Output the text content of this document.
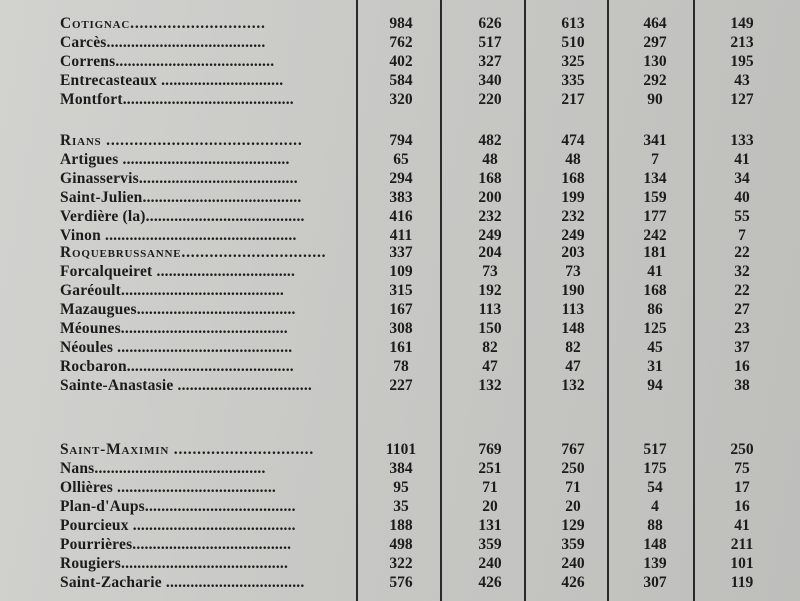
Cotignac.............................	984	626	613	464	149
Carcès.......................................	762	517	510	297	213
Correns.......................................	402	327	325	130	195
Entrecasteaux ..............................	584	340	335	292	43
Montfort..........................................	320	220	217	90	127
Rians ..........................................	794	482	474	341	133
Artigues .........................................	65	48	48	7	41
Ginasservis.......................................	294	168	168	134	34
Saint-Julien.......................................	383	200	199	159	40
Verdière (la).......................................	416	232	232	177	55
Vinon ...............................................	411	249	249	242	7
Roquebrussanne...............................	337	204	203	181	22
Forcalqueiret ..................................	109	73	73	41	32
Garéoult........................................	315	192	190	168	22
Mazaugues.......................................	167	113	113	86	27
Méounes.........................................	308	150	148	125	23
Néoules ...........................................	161	82	82	45	37
Rocbaron.........................................	78	47	47	31	16
Sainte-Anastasie .................................	227	132	132	94	38
Saint-Maximin ..............................	1101	769	767	517	250
Nans..........................................	384	251	250	175	75
Ollières .......................................	95	71	71	54	17
Plan-d'Aups.....................................	35	20	20	4	16
Pourcieux ........................................	188	131	129	88	41
Pourrières.......................................	498	359	359	148	211
Rougiers.........................................	322	240	240	139	101
Saint-Zacharie ..................................	576	426	426	307	119
